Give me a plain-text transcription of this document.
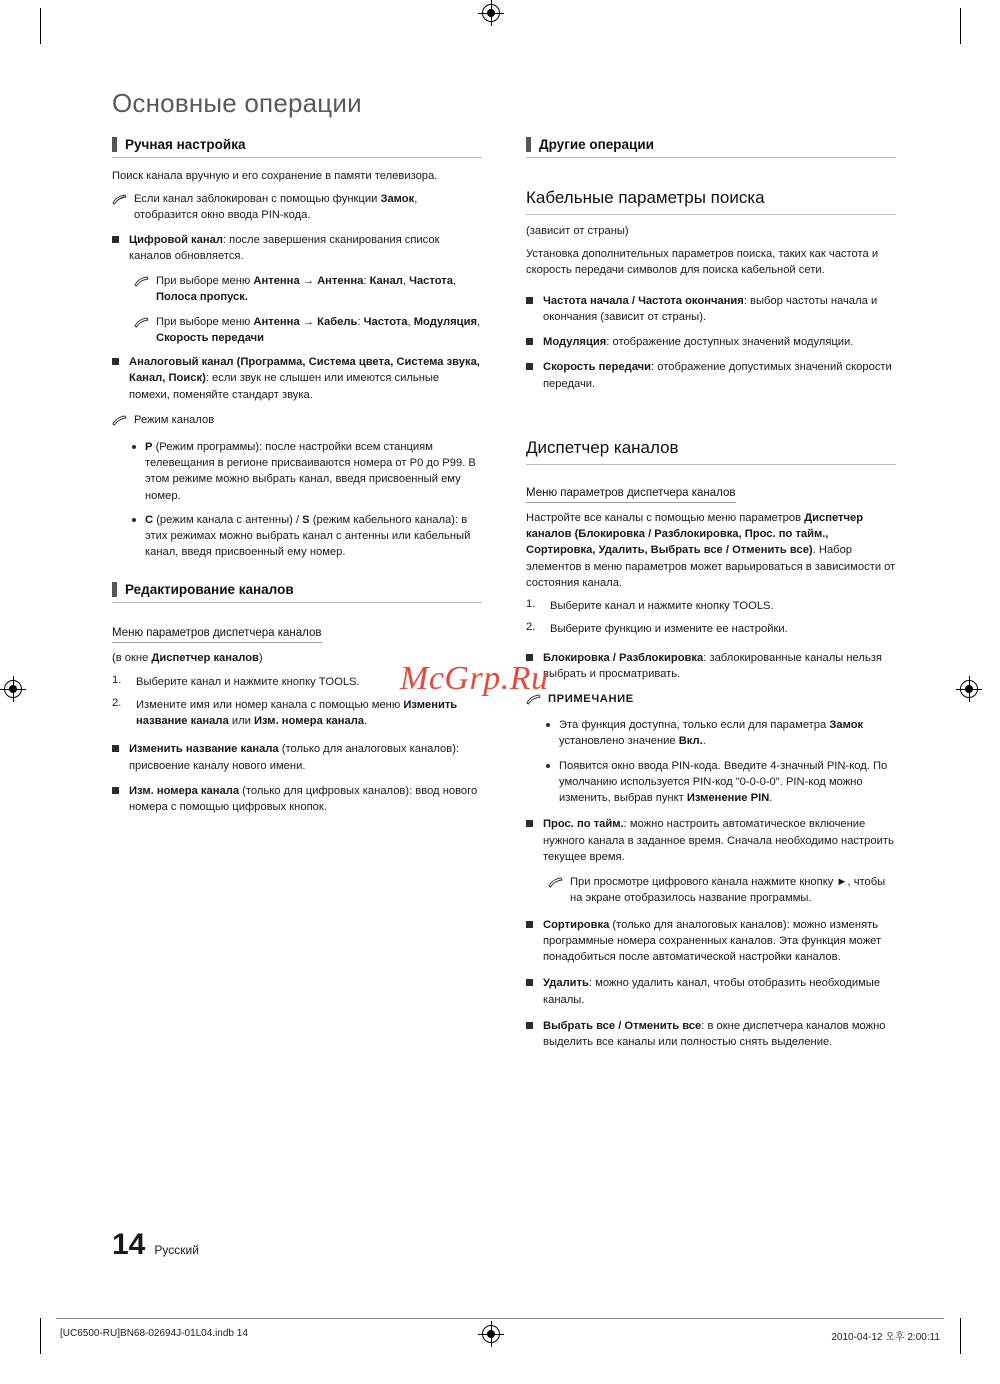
Основные операции
Ручная настройка

Поиск канала вручную и его сохранение в памяти телевизора.

Если канал заблокирован с помощью функции Замок, отобразится окно ввода PIN-кода.
Цифровой канал: после завершения сканирования список каналов обновляется.
При выборе меню Антенна → Антенна: Канал, Частота, Полоса пропуск.
При выборе меню Антенна → Кабель: Частота, Модуляция, Скорость передачи
Аналоговый канал (Программа, Система цвета, Система звука, Канал, Поиск): если звук не слышен или имеются сильные помехи, поменяйте стандарт звука.
Режим каналов
P (Режим программы): после настройки всем станциям телевещания в регионе присваиваются номера от P0 до P99. В этом режиме можно выбрать канал, введя присвоенный ему номер.
C (режим канала с антенны) / S (режим кабельного канала): в этих режимах можно выбрать канал с антенны или кабельный канал, введя присвоенный ему номер.
Редактирование каналов
Меню параметров диспетчера каналов

(в окне Диспетчер каналов)

1.	Выберите канал и нажмите кнопку TOOLS.
2.	Измените имя или номер канала с помощью меню Изменить название канала или Изм. номера канала.
Изменить название канала (только для аналоговых каналов): присвоение каналу нового имени.
Изм. номера канала (только для цифровых каналов): ввод нового номера с помощью цифровых кнопок.
Другие операции
Кабельные параметры поиска

(зависит от страны)

Установка дополнительных параметров поиска, таких как частота и скорость передачи символов для поиска кабельной сети.

Частота начала / Частота окончания: выбор частоты начала и окончания (зависит от страны).
Модуляция: отображение доступных значений модуляции.
Скорость передачи: отображение допустимых значений скорости передачи.
Диспетчер каналов
Меню параметров диспетчера каналов

Настройте все каналы с помощью меню параметров Диспетчер каналов (Блокировка / Разблокировка, Прос. по тайм., Сортировка, Удалить, Выбрать все / Отменить все). Набор элементов в меню параметров может варьироваться в зависимости от состояния канала.

1.	Выберите канал и нажмите кнопку TOOLS.
2.	Выберите функцию и измените ее настройки.
Блокировка / Разблокировка: заблокированные каналы нельзя выбрать и просматривать.
ПРИМЕЧАНИЕ
Эта функция доступна, только если для параметра Замок установлено значение Вкл..
Появится окно ввода PIN-кода. Введите 4-значный PIN-код. По умолчанию используется PIN-код "0-0-0-0". PIN-код можно изменить, выбрав пункт Изменение PIN.
Прос. по тайм.: можно настроить автоматическое включение нужного канала в заданное время. Сначала необходимо настроить текущее время.
При просмотре цифрового канала нажмите кнопку ►, чтобы на экране отобразилось название программы.
Сортировка (только для аналоговых каналов): можно изменять программные номера сохраненных каналов. Эта функция может понадобиться после автоматической настройки каналов.
Удалить: можно удалить канал, чтобы отобразить необходимые каналы.
Выбрать все / Отменить все: в окне диспетчера каналов можно выделить все каналы или полностью снять выделение.
McGrp.Ru
14 Русский
[UC6500-RU]BN68-02694J-01L04.indb 14	2010-04-12 오후 2:00:11
